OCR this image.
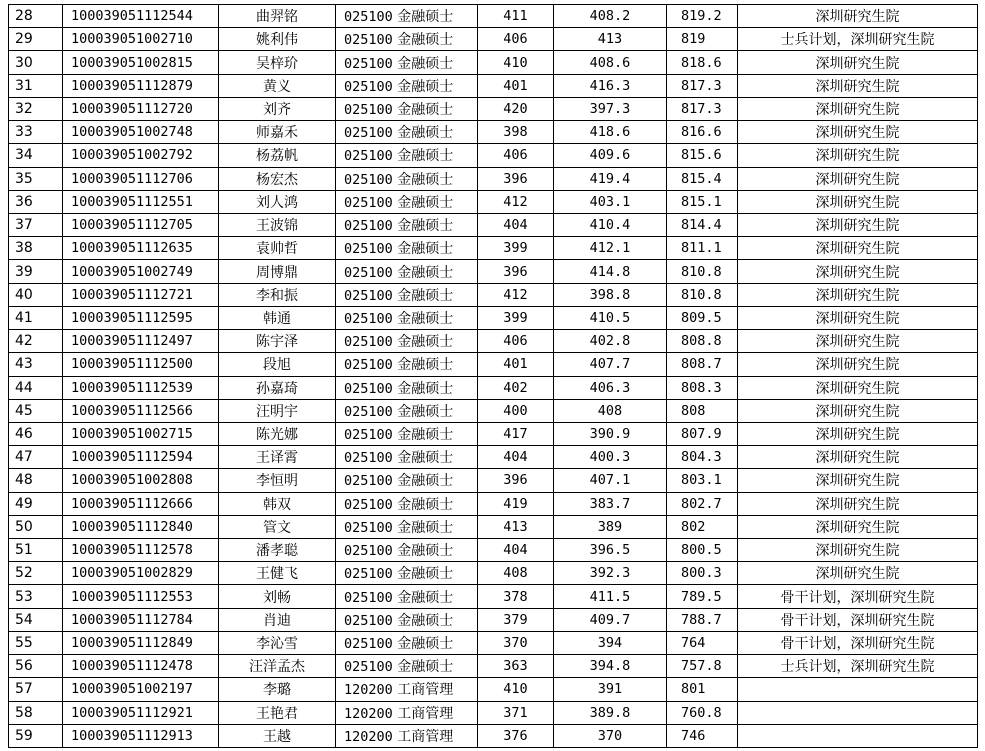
28	100039051112544	曲羿铭	025100 金融硕士	411	408.2	819.2	深圳研究生院
29	100039051002710	姚利伟	025100 金融硕士	406	413	819	士兵计划，深圳研究生院
30	100039051002815	吴梓玠	025100 金融硕士	410	408.6	818.6	深圳研究生院
31	100039051112879	黄义	025100 金融硕士	401	416.3	817.3	深圳研究生院
32	100039051112720	刘齐	025100 金融硕士	420	397.3	817.3	深圳研究生院
33	100039051002748	师嘉禾	025100 金融硕士	398	418.6	816.6	深圳研究生院
34	100039051002792	杨荔帆	025100 金融硕士	406	409.6	815.6	深圳研究生院
35	100039051112706	杨宏杰	025100 金融硕士	396	419.4	815.4	深圳研究生院
36	100039051112551	刘人鸿	025100 金融硕士	412	403.1	815.1	深圳研究生院
37	100039051112705	王波锦	025100 金融硕士	404	410.4	814.4	深圳研究生院
38	100039051112635	袁帅哲	025100 金融硕士	399	412.1	811.1	深圳研究生院
39	100039051002749	周博鼎	025100 金融硕士	396	414.8	810.8	深圳研究生院
40	100039051112721	李和振	025100 金融硕士	412	398.8	810.8	深圳研究生院
41	100039051112595	韩通	025100 金融硕士	399	410.5	809.5	深圳研究生院
42	100039051112497	陈宇泽	025100 金融硕士	406	402.8	808.8	深圳研究生院
43	100039051112500	段旭	025100 金融硕士	401	407.7	808.7	深圳研究生院
44	100039051112539	孙嘉琦	025100 金融硕士	402	406.3	808.3	深圳研究生院
45	100039051112566	汪明宇	025100 金融硕士	400	408	808	深圳研究生院
46	100039051002715	陈光娜	025100 金融硕士	417	390.9	807.9	深圳研究生院
47	100039051112594	王译霄	025100 金融硕士	404	400.3	804.3	深圳研究生院
48	100039051002808	李恒明	025100 金融硕士	396	407.1	803.1	深圳研究生院
49	100039051112666	韩双	025100 金融硕士	419	383.7	802.7	深圳研究生院
50	100039051112840	管文	025100 金融硕士	413	389	802	深圳研究生院
51	100039051112578	潘孝聪	025100 金融硕士	404	396.5	800.5	深圳研究生院
52	100039051002829	王健飞	025100 金融硕士	408	392.3	800.3	深圳研究生院
53	100039051112553	刘畅	025100 金融硕士	378	411.5	789.5	骨干计划，深圳研究生院
54	100039051112784	肖迪	025100 金融硕士	379	409.7	788.7	骨干计划，深圳研究生院
55	100039051112849	李沁雪	025100 金融硕士	370	394	764	骨干计划，深圳研究生院
56	100039051112478	汪洋孟杰	025100 金融硕士	363	394.8	757.8	士兵计划，深圳研究生院
57	100039051002197	李璐	120200 工商管理	410	391	801	
58	100039051112921	王艳君	120200 工商管理	371	389.8	760.8	
59	100039051112913	王越	120200 工商管理	376	370	746	
